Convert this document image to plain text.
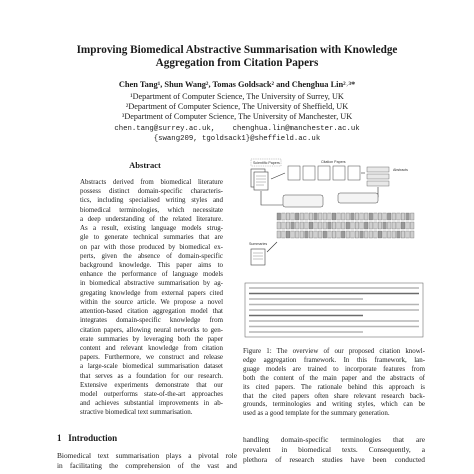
Improving Biomedical Abstractive Summarisation with Knowledge
Aggregation from Citation Papers
Chen Tang¹, Shun Wang², Tomas Goldsack² and Chenghua Lin²˒³*
¹Department of Computer Science, The University of Surrey, UK
²Department of Computer Science, The University of Sheffield, UK
³Department of Computer Science, The University of Manchester, UK
chen.tang@surrey.ac.uk,    chenghua.lin@manchester.ac.uk
{swang209, tgoldsack1}@sheffield.ac.uk
Abstract
Abstracts derived from biomedical literature
possess distinct domain-specific characteris-
tics, including specialised writing styles and
biomedical terminologies, which necessitate
a deep understanding of the related literature.
As a result, existing language models strug-
gle to generate technical summaries that are
on par with those produced by biomedical ex-
perts, given the absence of domain-specific
background knowledge. This paper aims to
enhance the performance of language models
in biomedical abstractive summarisation by ag-
gregating knowledge from external papers cited
within the source article. We propose a novel
attention-based citation aggregation model that
integrates domain-specific knowledge from
citation papers, allowing neural networks to gen-
erate summaries by leveraging both the paper
content and relevant knowledge from citation
papers. Furthermore, we construct and release
a large-scale biomedical summarisation dataset
that serves as a foundation for our research.
Extensive experiments demonstrate that our
model outperforms state-of-the-art approaches
and achieves substantial improvements in ab-
stractive biomedical text summarisation.
Scientific Papers	Citation Papers
Abstracts
Summaries
Figure 1: The overview of our proposed citation knowl-
edge aggregation framework. In this framework, lan-
guage models are trained to incorporate features from
both the content of the main paper and the abstracts of
its cited papers. The rationale behind this approach is
that the cited papers often share relevant research back-
grounds, terminologies and writing styles, which can be
used as a good template for the summary generation.
1   Introduction
Biomedical text summarisation plays a pivotal role
in facilitating the comprehension of the vast and
handling domain-specific terminologies that are
prevalent in biomedical texts. Consequently, a
plethora of research studies have been conducted
